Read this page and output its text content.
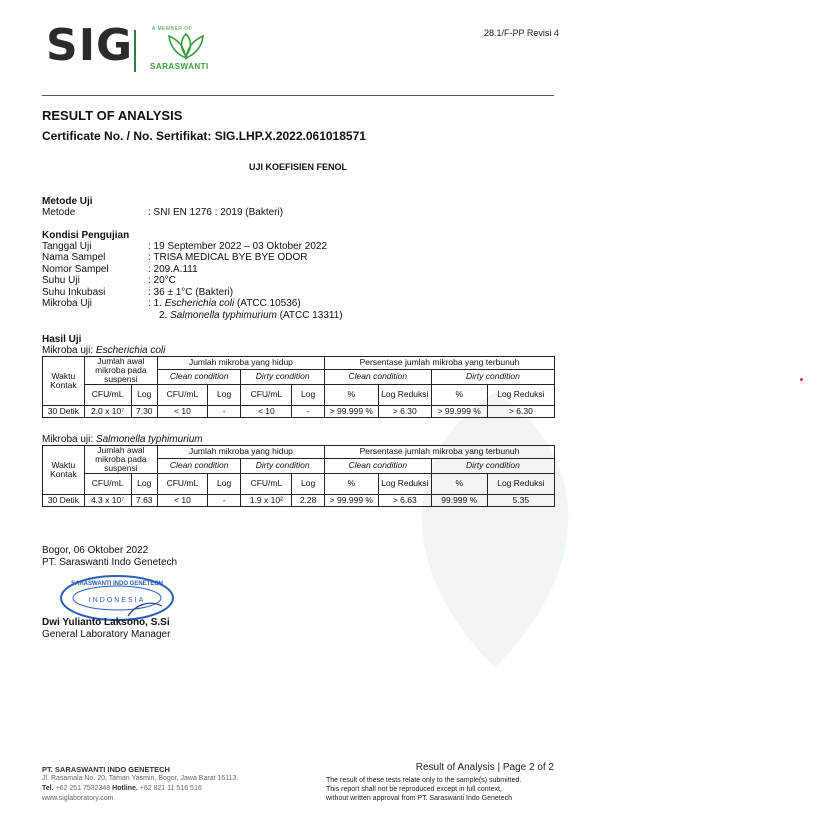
SIG	A MEMBER OF
SARASWANTI
28.1/F-PP Revisi 4
RESULT OF ANALYSIS
Certificate No. / No. Sertifikat: SIG.LHP.X.2022.061018571
UJI KOEFISIEN FENOL
Metode Uji
Metode	: SNI EN 1276 : 2019 (Bakteri)
Kondisi Pengujian
Tanggal Uji	: 19 September 2022 – 03 Oktober 2022
Nama Sampel	: TRISA MEDICAL BYE BYE ODOR
Nomor Sampel	: 209.A.111
Suhu Uji	: 20°C
Suhu Inkubasi	: 36 ± 1°C (Bakteri)
Mikroba Uji	: 1. Escherichia coli (ATCC 10536)
2. Salmonella typhimurium (ATCC 13311)
Hasil Uji
Mikroba uji: Escherichia coli
Waktu Kontak	Jumlah awal mikroba pada suspensi		Jumlah mikroba yang hidup				Persentase jumlah mikroba yang terbunuh			
			Clean condition		Dirty condition		Clean condition		Dirty condition	
	CFU/mL	Log	CFU/mL	Log	CFU/mL	Log	%	Log Reduksi	%	Log Reduksi
30 Detik	2.0 x 10⁷	7.30	< 10	-	< 10	-	> 99.999 %	> 6.30	> 99.999 %	> 6.30
Mikroba uji: Salmonella typhimurium
Waktu Kontak	Jumlah awal mikroba pada suspensi		Jumlah mikroba yang hidup				Persentase jumlah mikroba yang terbunuh			
			Clean condition		Dirty condition		Clean condition		Dirty condition	
	CFU/mL	Log	CFU/mL	Log	CFU/mL	Log	%	Log Reduksi	%	Log Reduksi
30 Detik	4.3 x 10⁷	7.63	< 10	-	1.9 x 10²	2.28	> 99.999 %	> 6.63	99.999 %	5.35
Bogor, 06 Oktober 2022
PT. Saraswanti Indo Genetech
SARASWANTI INDO GENETECH
INDONESIA
Dwi Yulianto Laksono, S.Si
General Laboratory Manager
PT. SARASWANTI INDO GENETECH
Jl. Rasamala No. 20, Taman Yasmin, Bogor, Jawa Barat 16113.
Tel. +62 251 7532348 Hotline. +62 821 11 516 516
www.siglaboratory.com
Result of Analysis | Page 2 of 2
The result of these tests relate only to the sample(s) submitted.
This report shall not be reproduced except in full context,
without written approval from PT. Saraswanti Indo Genetech
